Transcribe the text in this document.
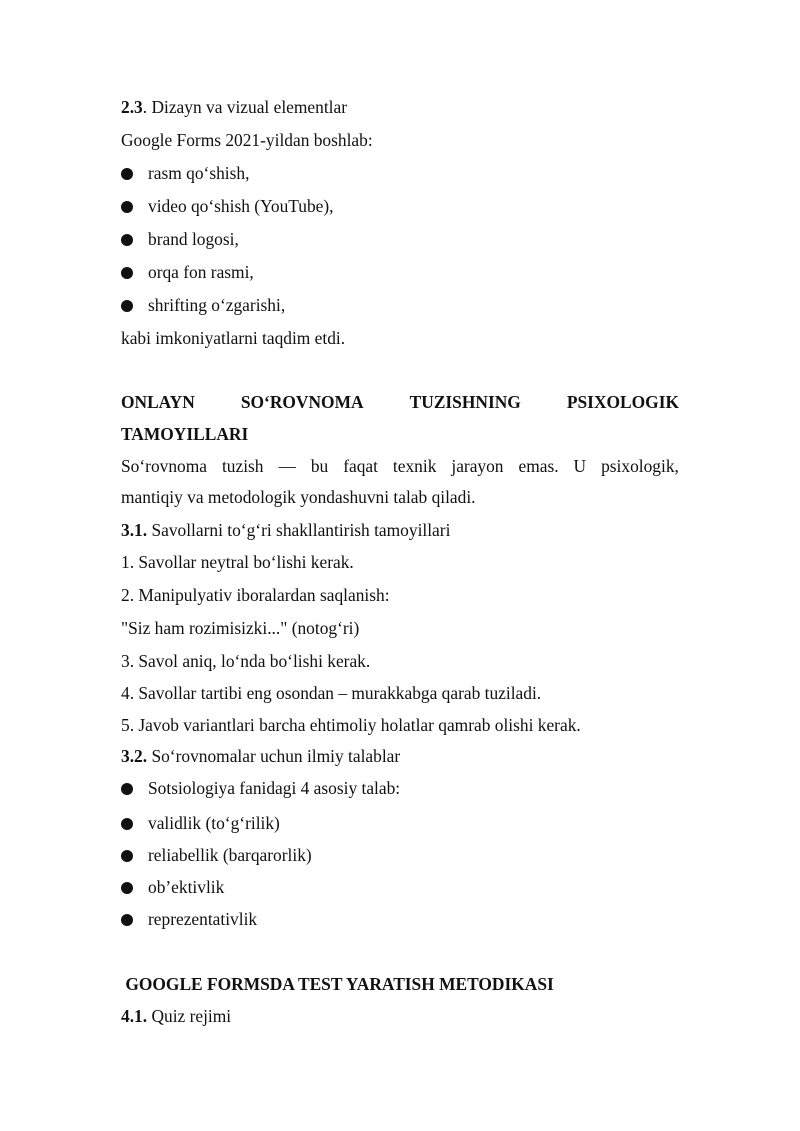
2.3. Dizayn va vizual elementlar
Google Forms 2021-yildan boshlab:
rasm qo‘shish,
video qo‘shish (YouTube),
brand logosi,
orqa fon rasmi,
shrifting o‘zgarishi,
kabi imkoniyatlarni taqdim etdi.
ONLAYN	SO‘ROVNOMA	TUZISHNING	PSIXOLOGIK
TAMOYILLARI
So‘rovnoma tuzish — bu faqat texnik jarayon emas. U psixologik,
mantiqiy va metodologik yondashuvni talab qiladi.
3.1. Savollarni to‘g‘ri shakllantirish tamoyillari
1. Savollar neytral bo‘lishi kerak.
2. Manipulyativ iboralardan saqlanish:
"Siz ham rozimisizki..." (notog‘ri)
3. Savol aniq, lo‘nda bo‘lishi kerak.
4. Savollar tartibi eng osondan – murakkabga qarab tuziladi.
5. Javob variantlari barcha ehtimoliy holatlar qamrab olishi kerak.
3.2. So‘rovnomalar uchun ilmiy talablar
Sotsiologiya fanidagi 4 asosiy talab:
validlik (to‘g‘rilik)
reliabellik (barqarorlik)
ob’ektivlik
reprezentativlik
GOOGLE FORMSDA TEST YARATISH METODIKASI
4.1. Quiz rejimi
